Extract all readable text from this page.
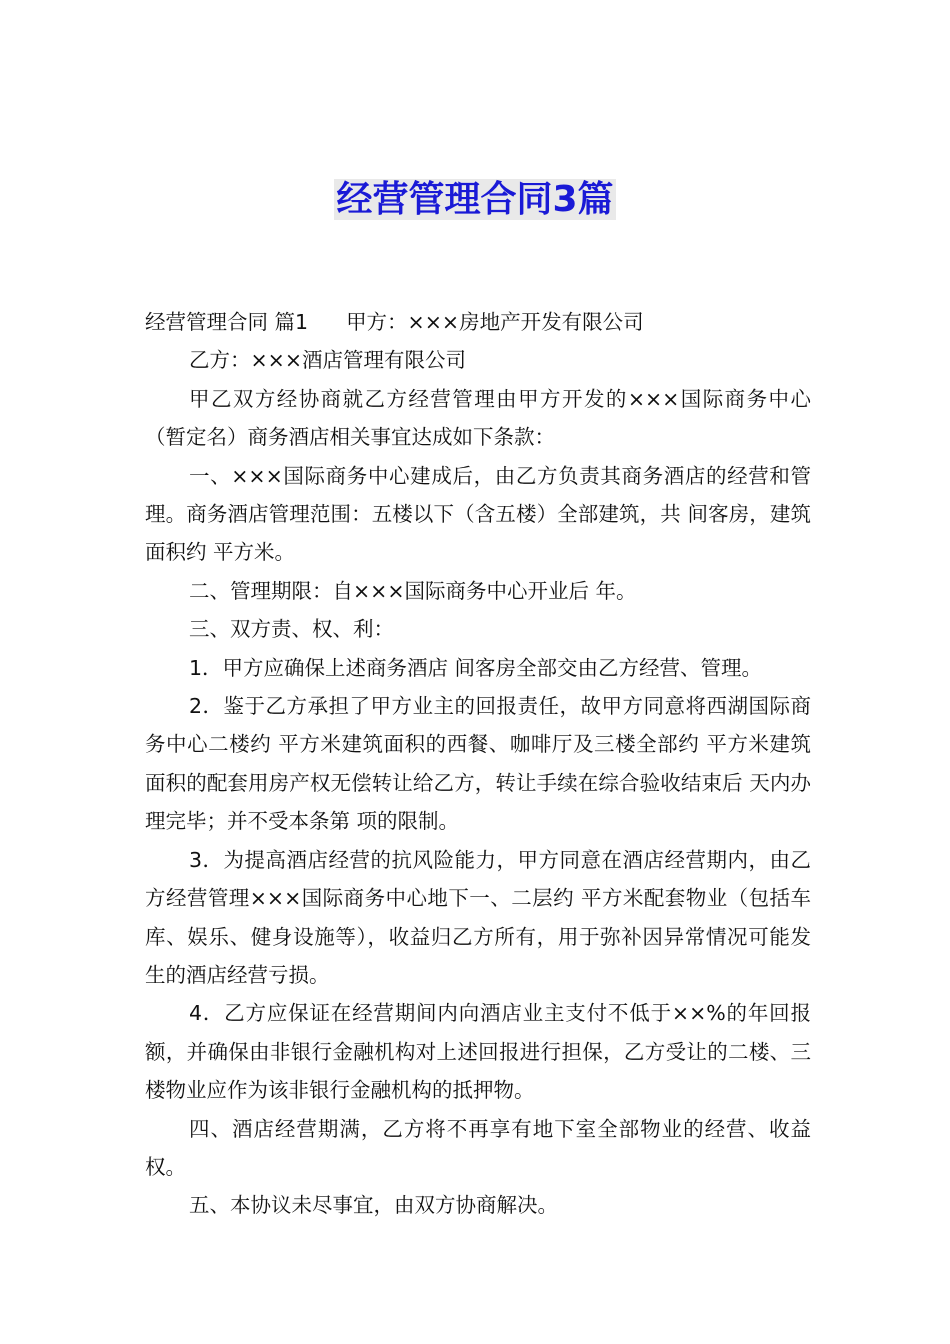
经营管理合同3篇

经营管理合同 篇1 甲方：×××房地产开发有限公司

乙方：×××酒店管理有限公司

甲乙双方经协商就乙方经营管理由甲方开发的×××国际商务中心（暂定名）商务酒店相关事宜达成如下条款：

一、×××国际商务中心建成后，由乙方负责其商务酒店的经营和管理。商务酒店管理范围：五楼以下（含五楼）全部建筑，共 间客房，建筑面积约 平方米。

二、管理期限：自×××国际商务中心开业后 年。

三、双方责、权、利：

1．甲方应确保上述商务酒店 间客房全部交由乙方经营、管理。

2．鉴于乙方承担了甲方业主的回报责任，故甲方同意将西湖国际商务中心二楼约 平方米建筑面积的西餐、咖啡厅及三楼全部约 平方米建筑面积的配套用房产权无偿转让给乙方，转让手续在综合验收结束后 天内办理完毕；并不受本条第 项的限制。

3．为提高酒店经营的抗风险能力，甲方同意在酒店经营期内，由乙方经营管理×××国际商务中心地下一、二层约 平方米配套物业（包括车库、娱乐、健身设施等），收益归乙方所有，用于弥补因异常情况可能发生的酒店经营亏损。

4．乙方应保证在经营期间内向酒店业主支付不低于××%的年回报额，并确保由非银行金融机构对上述回报进行担保，乙方受让的二楼、三楼物业应作为该非银行金融机构的抵押物。

四、酒店经营期满，乙方将不再享有地下室全部物业的经营、收益权。

五、本协议未尽事宜，由双方协商解决。
